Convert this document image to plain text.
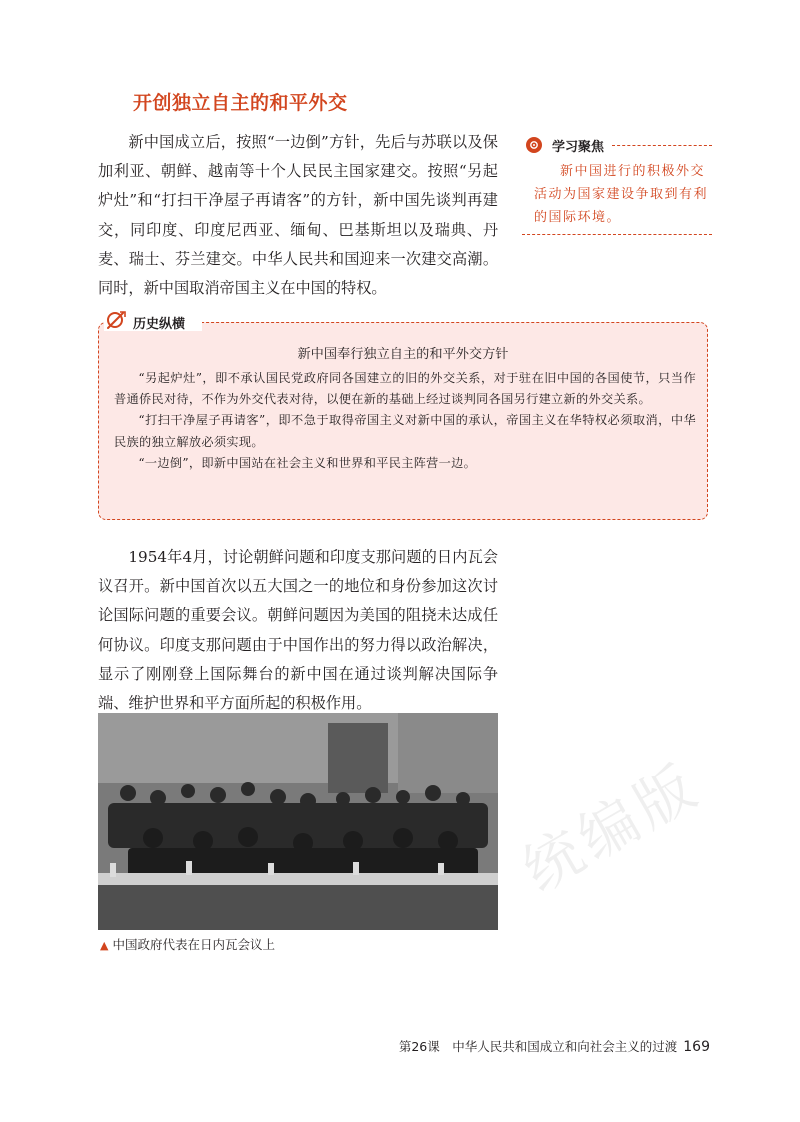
统编版
开创独立自主的和平外交

新中国成立后，按照“一边倒”方针，先后与苏联以及保加利亚、朝鲜、越南等十个人民民主国家建交。按照“另起炉灶”和“打扫干净屋子再请客”的方针，新中国先谈判再建交，同印度、印度尼西亚、缅甸、巴基斯坦以及瑞典、丹麦、瑞士、芬兰建交。中华人民共和国迎来一次建交高潮。同时，新中国取消帝国主义在中国的特权。

学习聚焦

新中国进行的积极外交活动为国家建设争取到有利的国际环境。

历史纵横
新中国奉行独立自主的和平外交方针

“另起炉灶”，即不承认国民党政府同各国建立的旧的外交关系，对于驻在旧中国的各国使节，只当作普通侨民对待，不作为外交代表对待，以便在新的基础上经过谈判同各国另行建立新的外交关系。

“打扫干净屋子再请客”，即不急于取得帝国主义对新中国的承认，帝国主义在华特权必须取消，中华民族的独立解放必须实现。

“一边倒”，即新中国站在社会主义和世界和平民主阵营一边。

1954年4月，讨论朝鲜问题和印度支那问题的日内瓦会议召开。新中国首次以五大国之一的地位和身份参加这次讨论国际问题的重要会议。朝鲜问题因为美国的阻挠未达成任何协议。印度支那问题由于中国作出的努力得以政治解决，显示了刚刚登上国际舞台的新中国在通过谈判解决国际争端、维护世界和平方面所起的积极作用。

▲ 中国政府代表在日内瓦会议上
第26课　中华人民共和国成立和向社会主义的过渡 169
